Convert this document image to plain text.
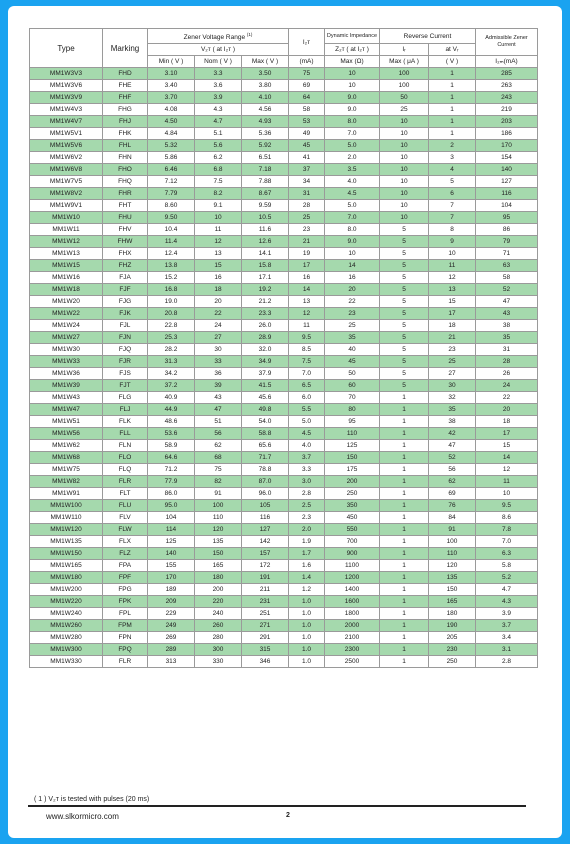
Type	Marking	Zener Voltage Range $^{(1)}$			I₂ᴛ	Dynamic Impedance	Reverse Current		Admissible Zener Current
		V₂ᴛ ( at I₂ᴛ )				Z₂ᴛ ( at I₂ᴛ )	Iᵣ	at Vᵣ	
		Min ( V )	Nom ( V )	Max ( V )	(mA)	Max (Ω)	Max ( μA )	( V )	I₂ₘ(mA)
MM1W3V3	FHD	3.10	3.3	3.50	75	10	100	1	285
MM1W3V6	FHE	3.40	3.6	3.80	69	10	100	1	263
MM1W3V9	FHF	3.70	3.9	4.10	64	9.0	50	1	243
MM1W4V3	FHG	4.08	4.3	4.56	58	9.0	25	1	219
MM1W4V7	FHJ	4.50	4.7	4.93	53	8.0	10	1	203
MM1W5V1	FHK	4.84	5.1	5.36	49	7.0	10	1	186
MM1W5V6	FHL	5.32	5.6	5.92	45	5.0	10	2	170
MM1W6V2	FHN	5.86	6.2	6.51	41	2.0	10	3	154
MM1W6V8	FHO	6.46	6.8	7.18	37	3.5	10	4	140
MM1W7V5	FHQ	7.12	7.5	7.88	34	4.0	10	5	127
MM1W8V2	FHR	7.79	8.2	8.67	31	4.5	10	6	116
MM1W9V1	FHT	8.60	9.1	9.59	28	5.0	10	7	104
MM1W10	FHU	9.50	10	10.5	25	7.0	10	7	95
MM1W11	FHV	10.4	11	11.6	23	8.0	5	8	86
MM1W12	FHW	11.4	12	12.6	21	9.0	5	9	79
MM1W13	FHX	12.4	13	14.1	19	10	5	10	71
MM1W15	FHZ	13.8	15	15.8	17	14	5	11	63
MM1W16	FJA	15.2	16	17.1	16	16	5	12	58
MM1W18	FJF	16.8	18	19.2	14	20	5	13	52
MM1W20	FJG	19.0	20	21.2	13	22	5	15	47
MM1W22	FJK	20.8	22	23.3	12	23	5	17	43
MM1W24	FJL	22.8	24	26.0	11	25	5	18	38
MM1W27	FJN	25.3	27	28.9	9.5	35	5	21	35
MM1W30	FJQ	28.2	30	32.0	8.5	40	5	23	31
MM1W33	FJR	31.3	33	34.9	7.5	45	5	25	28
MM1W36	FJS	34.2	36	37.9	7.0	50	5	27	26
MM1W39	FJT	37.2	39	41.5	6.5	60	5	30	24
MM1W43	FLG	40.9	43	45.6	6.0	70	1	32	22
MM1W47	FLJ	44.9	47	49.8	5.5	80	1	35	20
MM1W51	FLK	48.6	51	54.0	5.0	95	1	38	18
MM1W56	FLL	53.6	56	58.8	4.5	110	1	42	17
MM1W62	FLN	58.9	62	65.6	4.0	125	1	47	15
MM1W68	FLO	64.6	68	71.7	3.7	150	1	52	14
MM1W75	FLQ	71.2	75	78.8	3.3	175	1	56	12
MM1W82	FLR	77.9	82	87.0	3.0	200	1	62	11
MM1W91	FLT	86.0	91	96.0	2.8	250	1	69	10
MM1W100	FLU	95.0	100	105	2.5	350	1	76	9.5
MM1W110	FLV	104	110	116	2.3	450	1	84	8.6
MM1W120	FLW	114	120	127	2.0	550	1	91	7.8
MM1W135	FLX	125	135	142	1.9	700	1	100	7.0
MM1W150	FLZ	140	150	157	1.7	900	1	110	6.3
MM1W165	FPA	155	165	172	1.6	1100	1	120	5.8
MM1W180	FPF	170	180	191	1.4	1200	1	135	5.2
MM1W200	FPG	189	200	211	1.2	1400	1	150	4.7
MM1W220	FPK	209	220	231	1.0	1600	1	165	4.3
MM1W240	FPL	229	240	251	1.0	1800	1	180	3.9
MM1W260	FPM	249	260	271	1.0	2000	1	190	3.7
MM1W280	FPN	269	280	291	1.0	2100	1	205	3.4
MM1W300	FPQ	289	300	315	1.0	2300	1	230	3.1
MM1W330	FLR	313	330	346	1.0	2500	1	250	2.8
( 1 ) V₂ᴛ is tested with pulses (20 ms)
www.slkormicro.com	2
